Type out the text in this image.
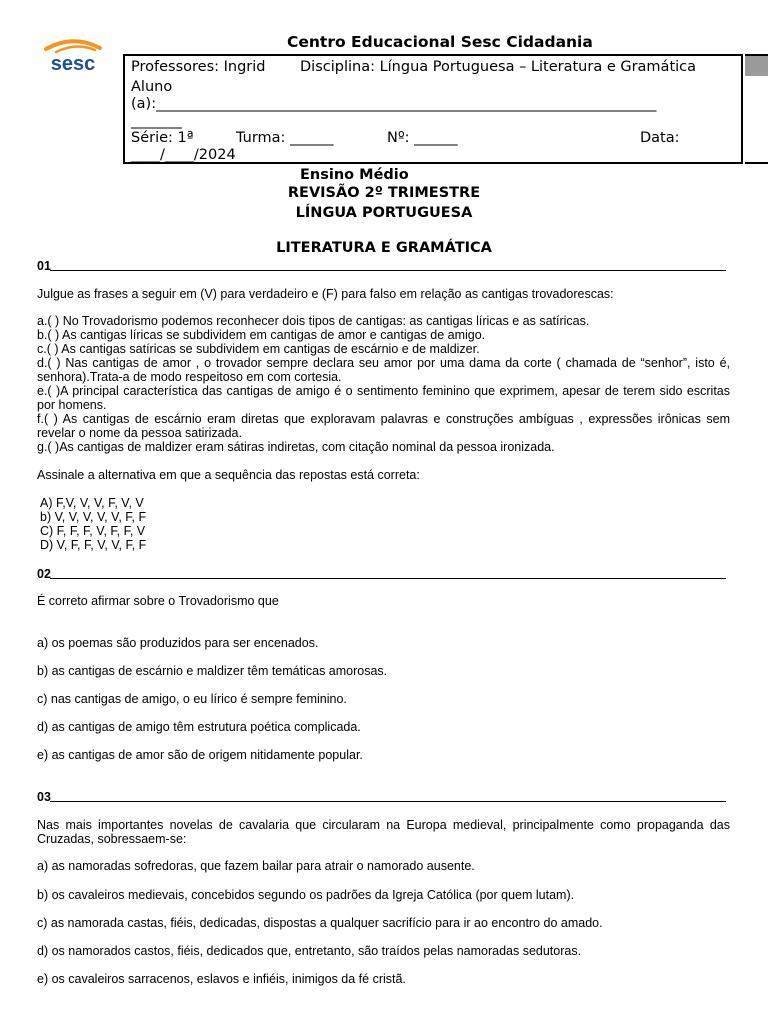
sesc
Centro Educacional Sesc Cidadania
Professores: Ingrid Disciplina: Língua Portuguesa – Literatura e Gramática
Aluno
(a):_____________________________________________________________________
_______
Série: 1ª	Turma: ______	Nº: ______	Data:
____/____/2024
Ensino Médio
REVISÃO 2º TRIMESTRE
LÍNGUA PORTUGUESA
LITERATURA E GRAMÁTICA
01
Julgue as frases a seguir em (V) para verdadeiro e (F) para falso em relação as cantigas trovadorescas:
a.( ) No Trovadorismo podemos reconhecer dois tipos de cantigas: as cantigas líricas e as satíricas.
b.( ) As cantigas líricas se subdividem em cantigas de amor e cantigas de amigo.
c.( ) As cantigas satíricas se subdividem em cantigas de escárnio e de maldizer.
d.( ) Nas cantigas de amor , o trovador sempre declara seu amor por uma dama da corte ( chamada de “senhor”, isto é, senhora).Trata-a de modo respeitoso em com cortesia.
e.( )A principal característica das cantigas de amigo é o sentimento feminino que exprimem, apesar de terem sido escritas por homens.
f.( ) As cantigas de escárnio eram diretas que exploravam palavras e construções ambíguas , expressões irônicas sem revelar o nome da pessoa satirizada.
g.( )As cantigas de maldizer eram sátiras indiretas, com citação nominal da pessoa ironizada.
Assinale a alternativa em que a sequência das repostas está correta:
A) F,V, V, V, F, V, V
b) V, V, V, V, V, F, F
C) F, F, F, V, F, F, V
D) V, F, F, V, V, F, F
02
É correto afirmar sobre o Trovadorismo que
a) os poemas são produzidos para ser encenados.
b) as cantigas de escárnio e maldizer têm temáticas amorosas.
c) nas cantigas de amigo, o eu lírico é sempre feminino.
d) as cantigas de amigo têm estrutura poética complicada.
e) as cantigas de amor são de origem nitidamente popular.
03
Nas mais importantes novelas de cavalaria que circularam na Europa medieval, principalmente como propaganda das Cruzadas, sobressaem-se:
a) as namoradas sofredoras, que fazem bailar para atrair o namorado ausente.
b) os cavaleiros medievais, concebidos segundo os padrões da Igreja Católica (por quem lutam).
c) as namorada castas, fiéis, dedicadas, dispostas a qualquer sacrifício para ir ao encontro do amado.
d) os namorados castos, fiéis, dedicados que, entretanto, são traídos pelas namoradas sedutoras.
e) os cavaleiros sarracenos, eslavos e infiéis, inimigos da fé cristã.
